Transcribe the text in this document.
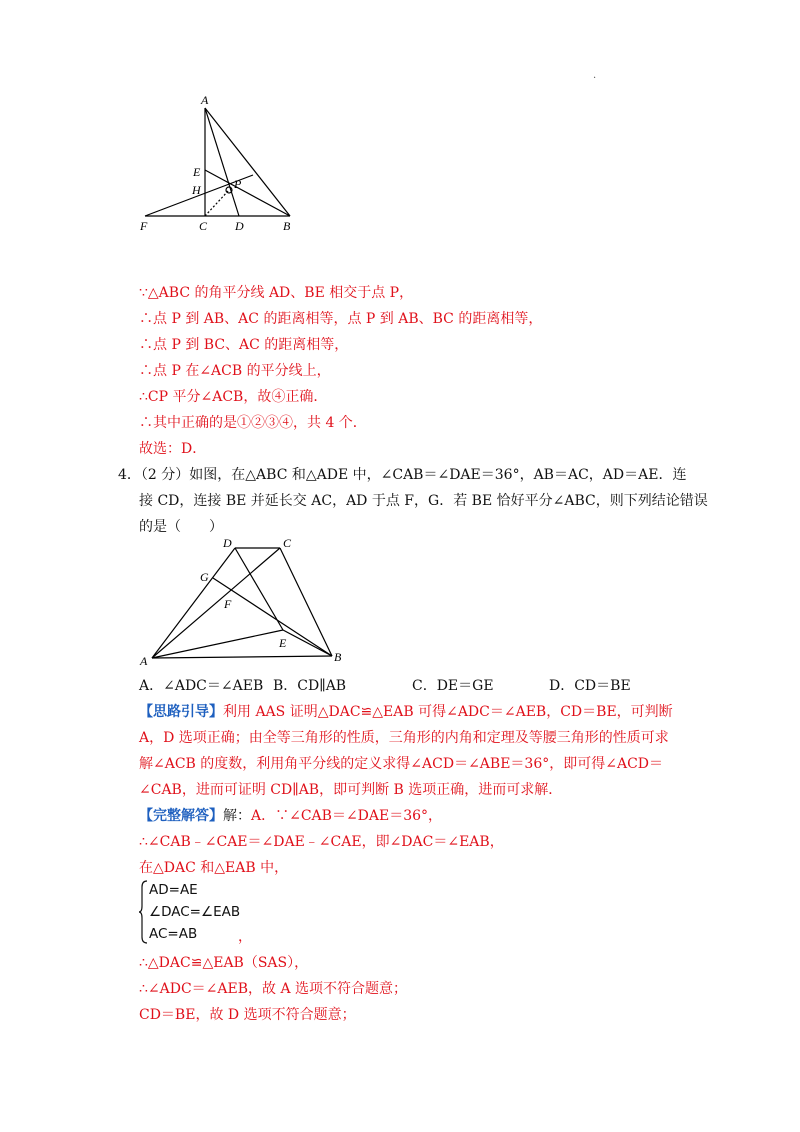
.
A
E
P
H
F	C D	B
∵△ABC 的角平分线 AD、BE 相交于点 P，
∴点 P 到 AB、AC 的距离相等，点 P 到 AB、BC 的距离相等，
∴点 P 到 BC、AC 的距离相等，
∴点 P 在∠ACB 的平分线上，
∴CP 平分∠ACB，故④正确．
∴其中正确的是①②③④，共 4 个．
故选：D．
4．（2 分）如图，在△ABC 和△ADE 中，∠CAB＝∠DAE＝36°，AB＝AC，AD＝AE．连
接 CD，连接 BE 并延长交 AC，AD 于点 F，G．若 BE 恰好平分∠ABC，则下列结论错误
的是（　　）
D	C
G
F
E
A	B
A．∠ADC＝∠AEB B．CD∥AB	C．DE＝GE	D．CD＝BE
【思路引导】利用 AAS 证明△DAC≌△EAB 可得∠ADC＝∠AEB，CD＝BE，可判断
A，D 选项正确；由全等三角形的性质，三角形的内角和定理及等腰三角形的性质可求
解∠ACB 的度数，利用角平分线的定义求得∠ACD＝∠ABE＝36°，即可得∠ACD＝
∠CAB，进而可证明 CD∥AB，即可判断 B 选项正确，进而可求解．
【完整解答】解：A．∵∠CAB＝∠DAE＝36°，
∴∠CAB﹣∠CAE＝∠DAE﹣∠CAE，即∠DAC＝∠EAB，
在△DAC 和△EAB 中，
AD=AE
∠DAC=∠EAB
AC=AB	，
∴△DAC≌△EAB（SAS），
∴∠ADC＝∠AEB，故 A 选项不符合题意；
CD＝BE，故 D 选项不符合题意；
